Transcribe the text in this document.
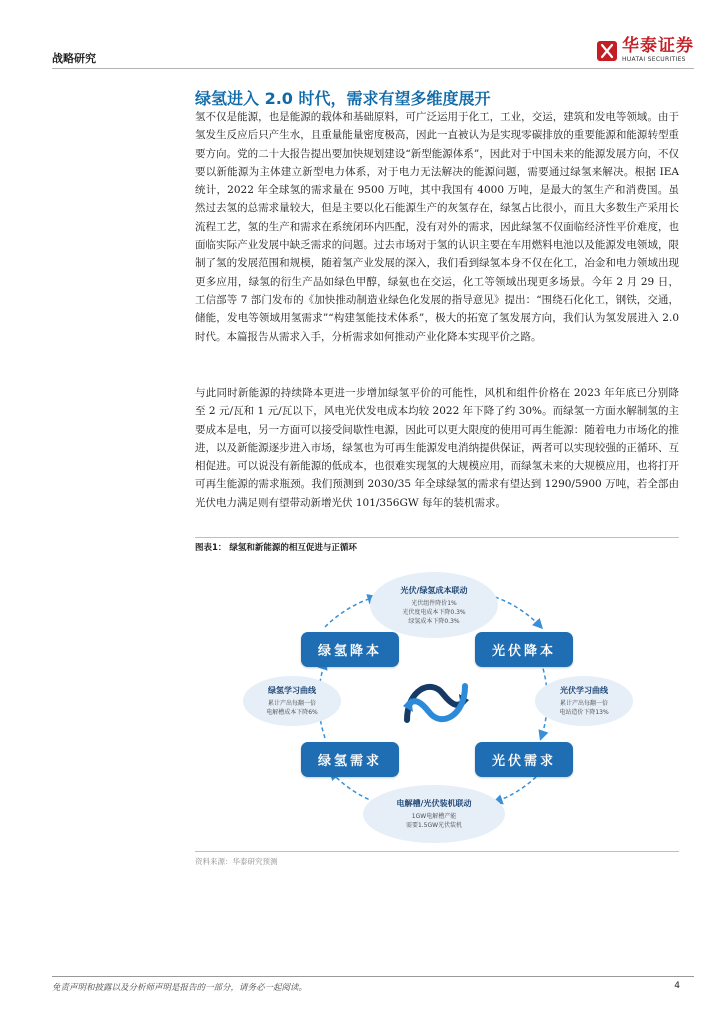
战略研究
华泰证券
HUATAI SECURITIES
绿氢进入 2.0 时代，需求有望多维度展开

氢不仅是能源，也是能源的载体和基础原料，可广泛运用于化工，工业，交运，建筑和发电等领域。由于氢发生反应后只产生水，且重量能量密度极高，因此一直被认为是实现零碳排放的重要能源和能源转型重要方向。党的二十大报告提出要加快规划建设“新型能源体系”，因此对于中国未来的能源发展方向，不仅要以新能源为主体建立新型电力体系，对于电力无法解决的能源问题，需要通过绿氢来解决。根据 IEA 统计，2022 年全球氢的需求量在 9500 万吨，其中我国有 4000 万吨，是最大的氢生产和消费国。虽然过去氢的总需求量较大，但是主要以化石能源生产的灰氢存在，绿氢占比很小，而且大多数生产采用长流程工艺，氢的生产和需求在系统闭环内匹配，没有对外的需求，因此绿氢不仅面临经济性平价难度，也面临实际产业发展中缺乏需求的问题。过去市场对于氢的认识主要在车用燃料电池以及能源发电领域，限制了氢的发展范围和规模，随着氢产业发展的深入，我们看到绿氢本身不仅在化工，冶金和电力领域出现更多应用，绿氢的衍生产品如绿色甲醇，绿氨也在交运，化工等领域出现更多场景。今年 2 月 29 日，工信部等 7 部门发布的《加快推动制造业绿色化发展的指导意见》提出：“围绕石化化工，钢铁，交通，储能，发电等领域用氢需求”“构建氢能技术体系”，极大的拓宽了氢发展方向，我们认为氢发展进入 2.0 时代。本篇报告从需求入手，分析需求如何推动产业化降本实现平价之路。

与此同时新能源的持续降本更进一步增加绿氢平价的可能性，风机和组件价格在 2023 年年底已分别降至 2 元/瓦和 1 元/瓦以下，风电光伏发电成本均较 2022 年下降了约 30%。而绿氢一方面水解制氢的主要成本是电，另一方面可以接受间歇性电源，因此可以更大限度的使用可再生能源：随着电力市场化的推进，以及新能源逐步进入市场，绿氢也为可再生能源发电消纳提供保证，两者可以实现较强的正循环、互相促进。可以说没有新能源的低成本，也很难实现氢的大规模应用，而绿氢未来的大规模应用，也将打开可再生能源的需求瓶颈。我们预测到 2030/35 年全球绿氢的需求有望达到 1290/5900 万吨，若全部由光伏电力满足则有望带动新增光伏 101/356GW 每年的装机需求。

图表1： 绿氢和新能源的相互促进与正循环
光伏/绿氢成本联动
光伏组件降价1%
光伏度电成本下降0.3%
绿氢成本下降0.3%
绿氢学习曲线
累计产出每翻一倍
电解槽成本下降6%
光伏学习曲线
累计产出每翻一倍
电站造价下降13%
电解槽/光伏装机联动
1GW电解槽产能
需要1.5GW光伏装机
绿氢降本	光伏降本
绿氢需求	光伏需求
资料来源：华泰研究预测
免责声明和披露以及分析师声明是报告的一部分，请务必一起阅读。	4
